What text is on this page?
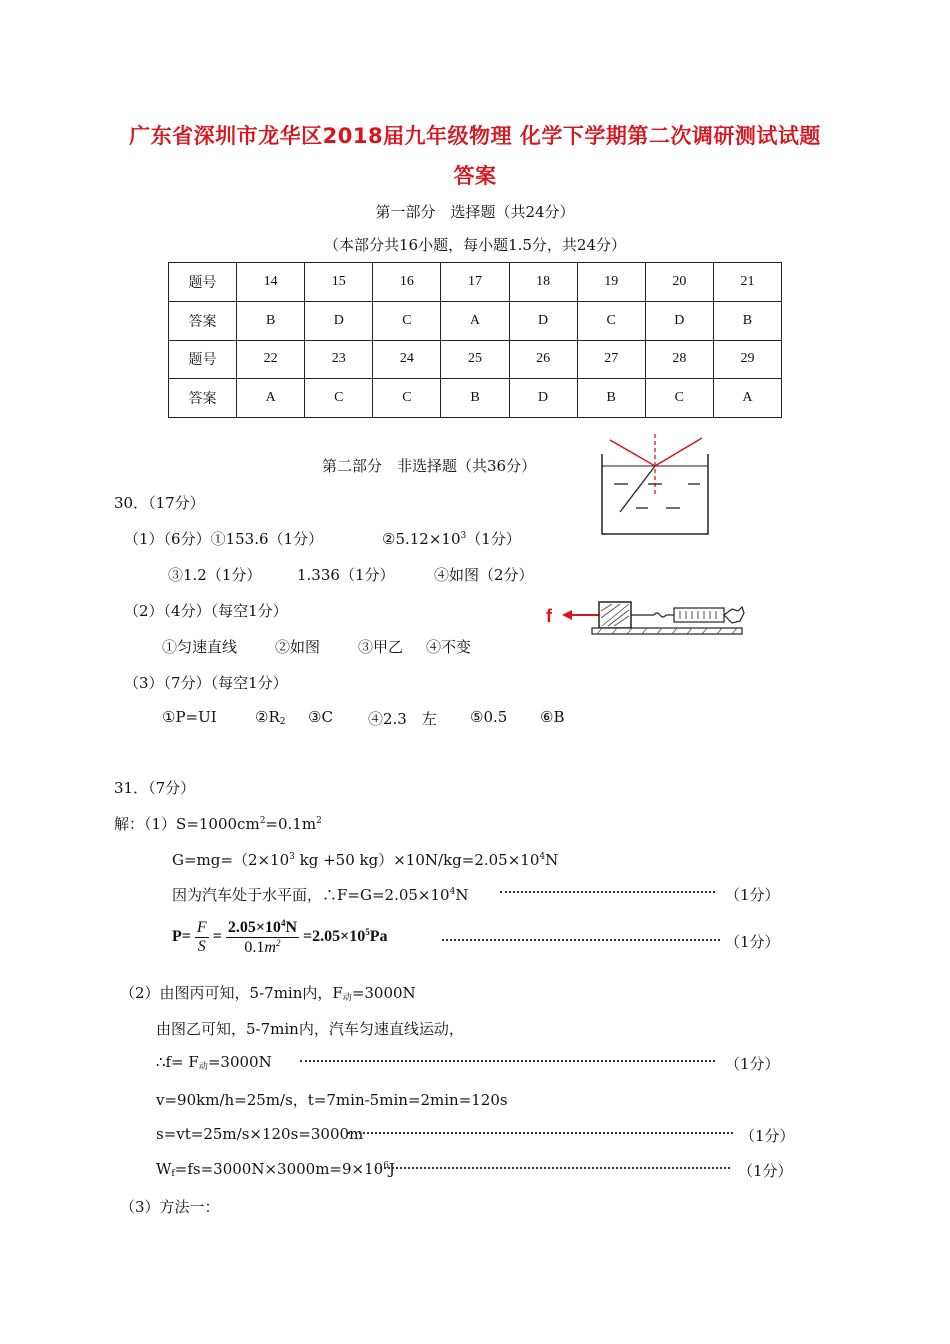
广东省深圳市龙华区2018届九年级物理 化学下学期第二次调研测试试题
答案
第一部分　选择题（共24分）
（本部分共16小题，每小题1.5分，共24分）
题号	14	15	16	17	18	19	20	21
答案	B	D	C	A	D	C	D	B
题号	22	23	24	25	26	27	28	29
答案	A	C	C	B	D	B	C	A
第二部分　非选择题（共36分）
30．（17分）
（1）（6分）①153.6（1分）	$②5.12\times 10^3(1$分）
③1.2（1分） 1.336（1分）	④如图（2分）
（2）（4分）（每空1分）
①匀速直线	②如图	③甲乙 ④不变
f
（3）（7分）（每空1分）
①P=UI	$②R_2$ ③C ④2.3　左 ⑤0.5 ⑥B
31．（7分）
解：$(1)S=1000cm^2=0.1m^2$
$G=mg=(2\times 10^3$ kg +50 $kg)\times 10N/kg=2.05\times 10^4N$
因为汽车处于水平面，$\therefore F=G=2.05\times 10^4N$	（1分）
$P= \frac{F}{S} = \frac{2.05\times 10^4N}{0.1m^2} =2.05\times 10^5Pa$	（1分）
（2）由图丙可知，5-7min内，$F_动=3000N$
由图乙可知，5-7min内，汽车匀速直线运动，
∴f= $F_动=3000N$	（1分）
v=90km/h=25m/s，t=7min-5min=2min=120s
s=vt=25m/s×120s=3000m	（1分）
$W_f=fs=3000N\times 3000m=9\times 10^6J$	（1分）
（3）方法一：
